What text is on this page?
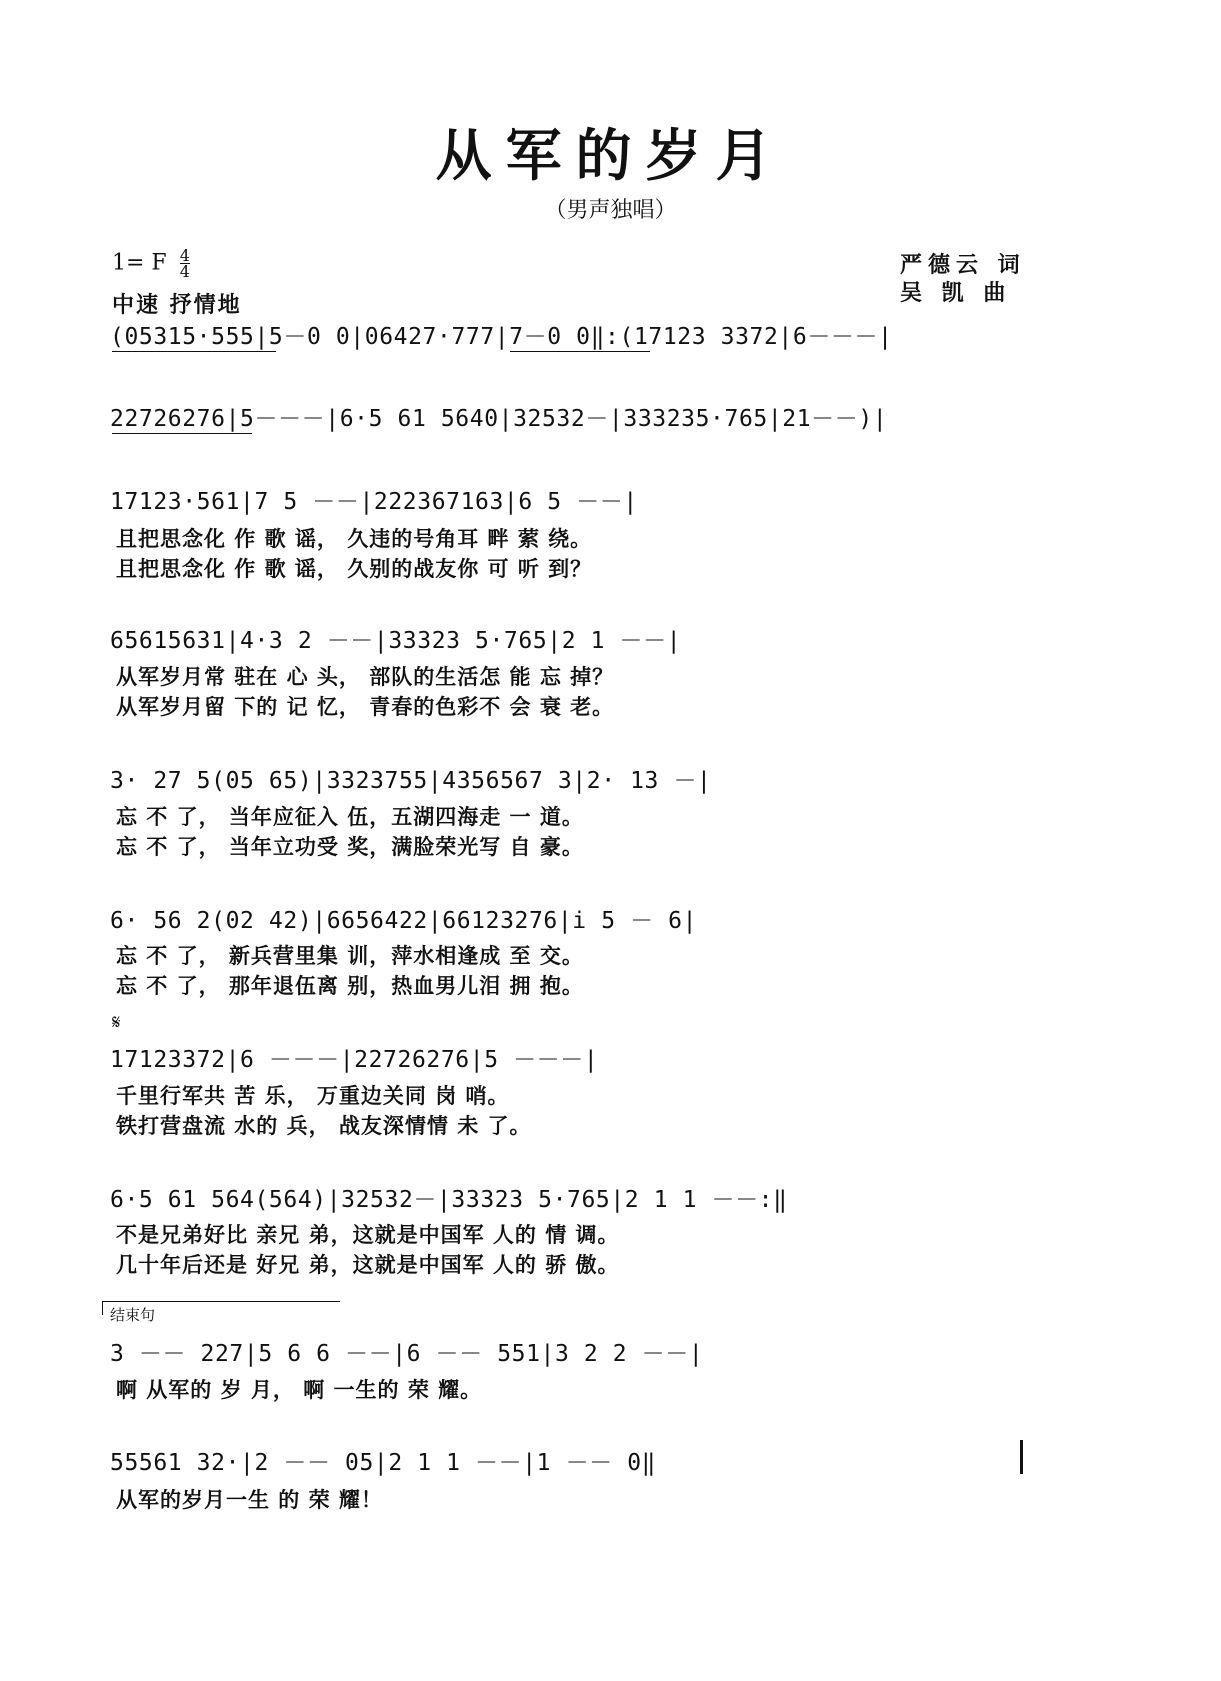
从军的岁月
（男声独唱）
1= F $\frac{4}{4}$
中速 抒情地
严德云 词
吴 凯 曲
(05315·555|5－0 0|06427·777|7－0 0‖:(17123 3372|6－－－|
22726276|5－－－|6·5 61 5640|32532－|333235·765|21－－)|
17123·561|7 5 －－|222367163|6 5 －－|
且把思念化 作 歌 谣， 久违的号角耳 畔 萦 绕。
且把思念化 作 歌 谣， 久别的战友你 可 听 到？
65615631|4·3 2 －－|33323 5·765|2 1 －－|
从军岁月常 驻在 心 头， 部队的生活怎 能 忘 掉？
从军岁月留 下的 记 忆， 青春的色彩不 会 衰 老。
3· 27 5(05 65)|3323755|4356567 3|2· 13 －|
忘 不 了， 当年应征入 伍，五湖四海走 一 道。
忘 不 了， 当年立功受 奖，满脸荣光写 自 豪。
6· 56 2(02 42)|6656422|66123276|i 5 － 6|
忘 不 了， 新兵营里集 训，萍水相逢成 至 交。
忘 不 了， 那年退伍离 别，热血男儿泪 拥 抱。
𝄋
17123372|6 －－－|22726276|5 －－－|
千里行军共 苦 乐， 万重边关同 岗 哨。
铁打营盘流 水的 兵， 战友深情情 未 了。
6·5 61 564(564)|32532－|33323 5·765|2 1 1 －－:‖
不是兄弟好比 亲兄 弟，这就是中国军 人的 情 调。
几十年后还是 好兄 弟，这就是中国军 人的 骄 傲。
结束句
3 －－ 227|5 6 6 －－|6 －－ 551|3 2 2 －－|
啊 从军的 岁 月， 啊 一生的 荣 耀。
55561 32·|2 －－ 05|2 1 1 －－|1 －－ 0‖
从军的岁月一生 的 荣 耀！
